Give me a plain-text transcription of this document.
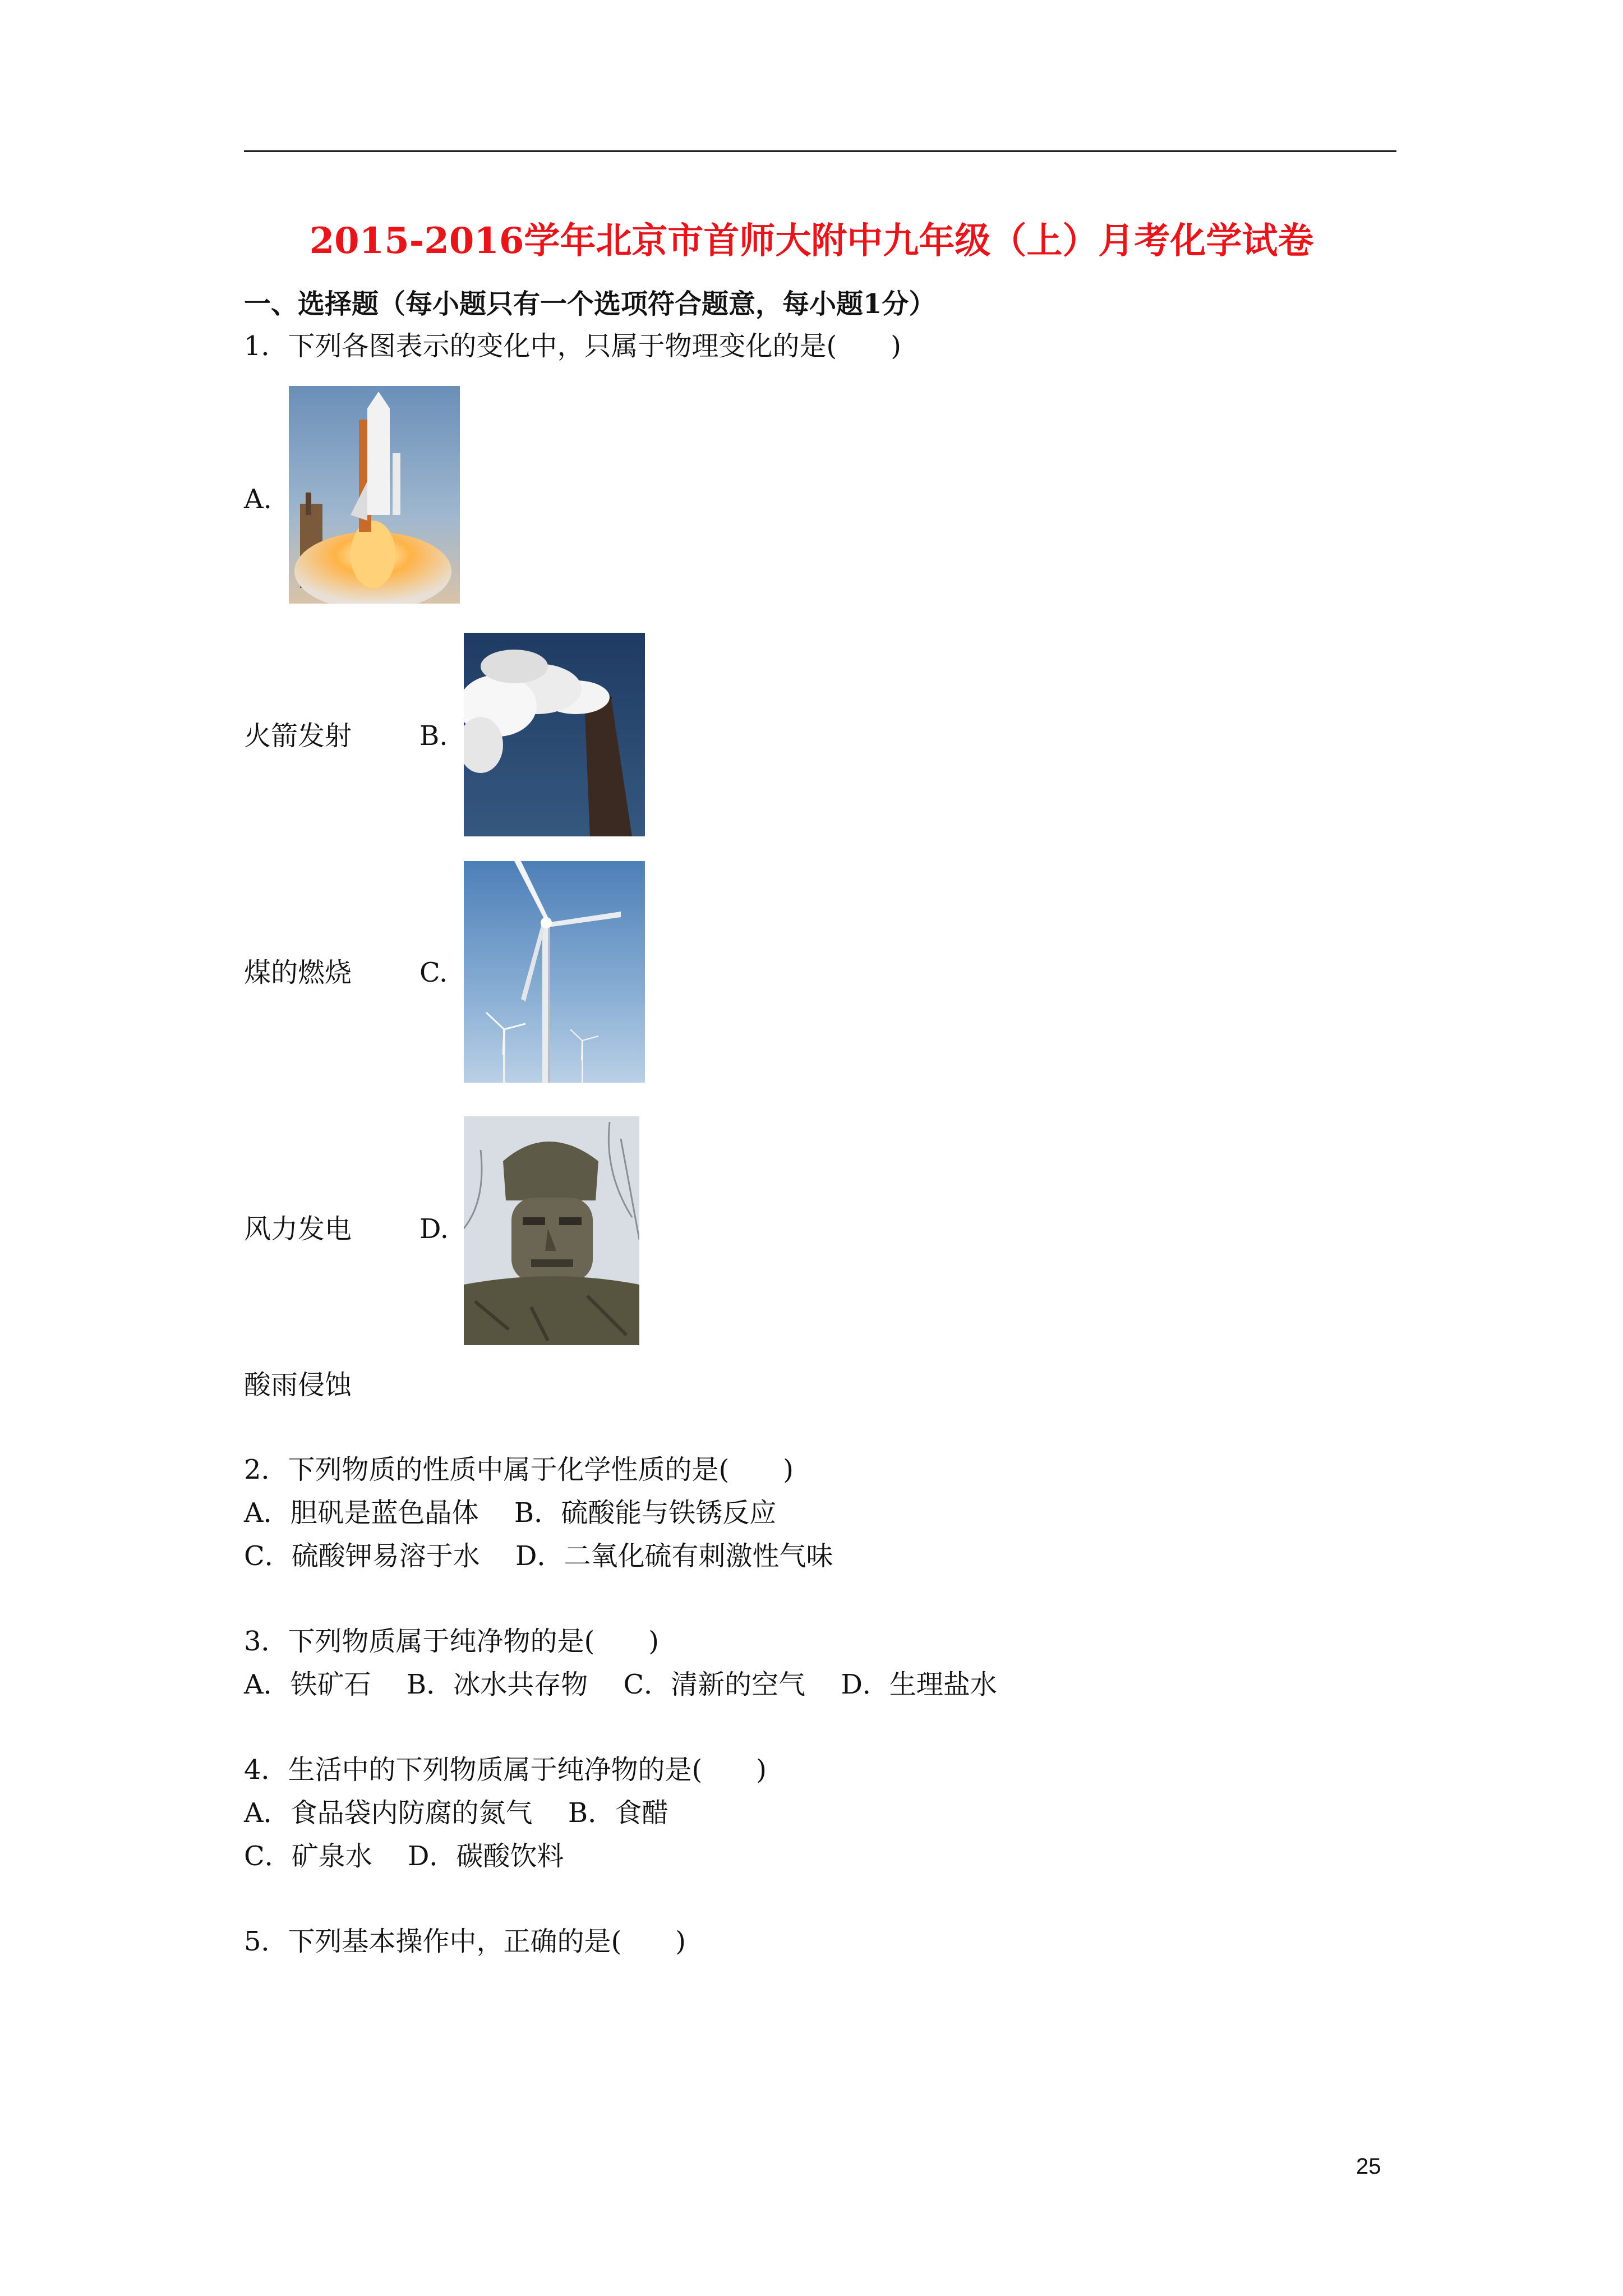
2015-2016学年北京市首师大附中九年级（上）月考化学试卷
一、选择题（每小题只有一个选项符合题意，每小题1分）
1．下列各图表示的变化中，只属于物理变化的是(　　)
A.
火箭发射	B.
煤的燃烧	C.
风力发电	D.
酸雨侵蚀
2．下列物质的性质中属于化学性质的是(　　)
A．胆矾是蓝色晶体　 B．硫酸能与铁锈反应
C．硫酸钾易溶于水　 D．二氧化硫有刺激性气味
3．下列物质属于纯净物的是(　　)
A．铁矿石　 B．冰水共存物　 C．清新的空气　 D．生理盐水
4．生活中的下列物质属于纯净物的是(　　)
A．食品袋内防腐的氮气　 B．食醋
C．矿泉水　 D．碳酸饮料
5．下列基本操作中，正确的是(　　)
25
